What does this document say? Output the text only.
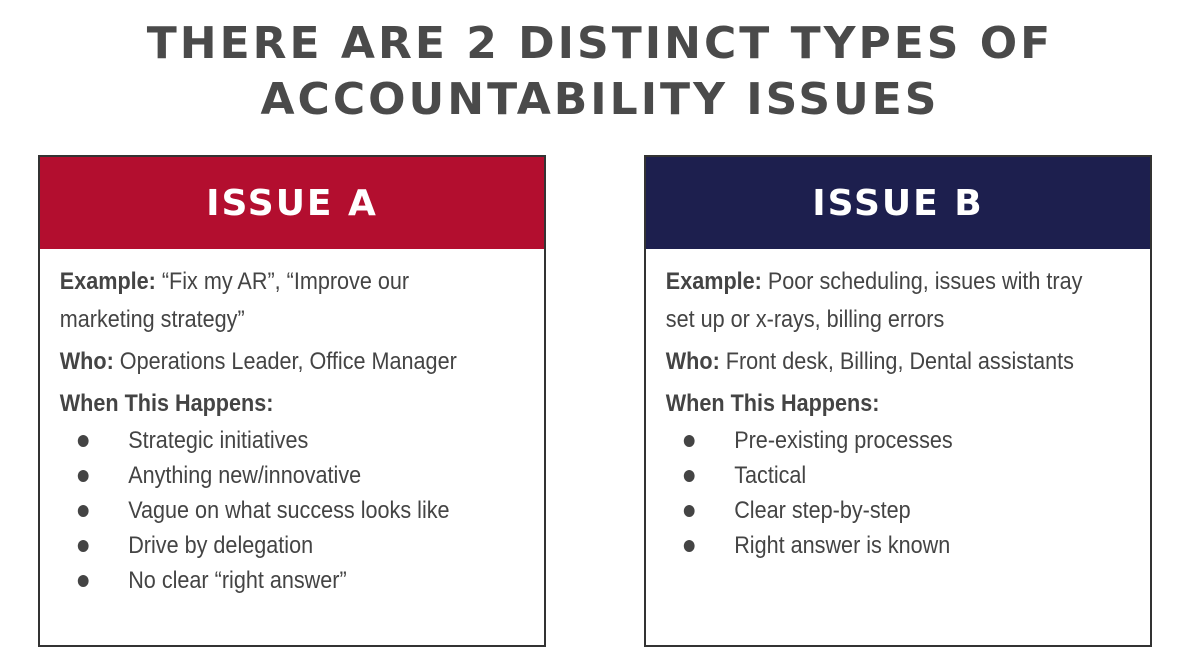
THERE ARE 2 DISTINCT TYPES OF
ACCOUNTABILITY ISSUES
ISSUE A

Example: “Fix my AR”, “Improve our marketing strategy”

Who: Operations Leader, Office Manager

When This Happens:
Strategic initiatives
Anything new/innovative
Vague on what success looks like
Drive by delegation
No clear “right answer”
ISSUE B

Example: Poor scheduling, issues with tray set up or x-rays, billing errors

Who: Front desk, Billing, Dental assistants

When This Happens:
Pre-existing processes
Tactical
Clear step-by-step
Right answer is known
